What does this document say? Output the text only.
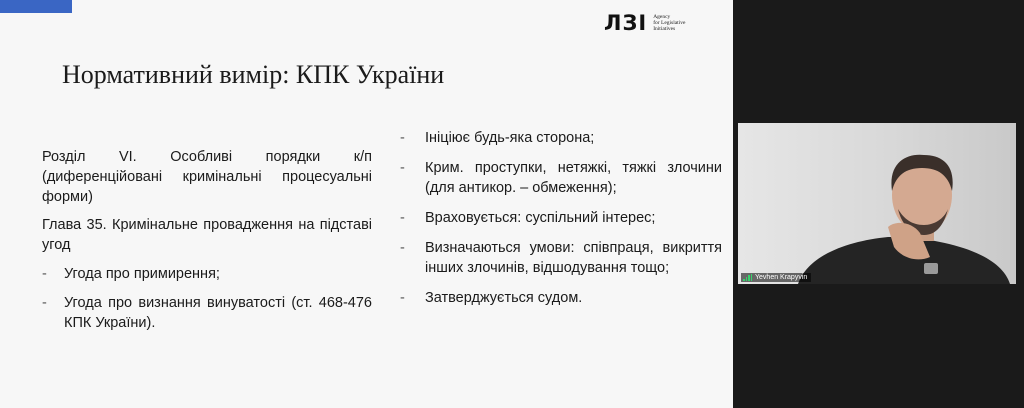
ЛЗІ Agency
for Legislative
Initiatives
Нормативний вимір: КПК України
Розділ VI. Особливі порядки к/п (диференційовані кримінальні процесуальні форми)
Глава 35. Кримінальне провадження на підставі угод
-	Угода про примирення;
-	Угода про визнання винуватості (ст. 468-476 КПК України).
-	Ініціює будь-яка сторона;
-	Крим. проступки, нетяжкі, тяжкі злочини (для антикор. – обмеження);
-	Враховується: суспільний інтерес;
-	Визначаються умови: співпраця, викриття інших злочинів, відшодування тощо;
-	Затверджується судом.
Yevhen Krapyvin
